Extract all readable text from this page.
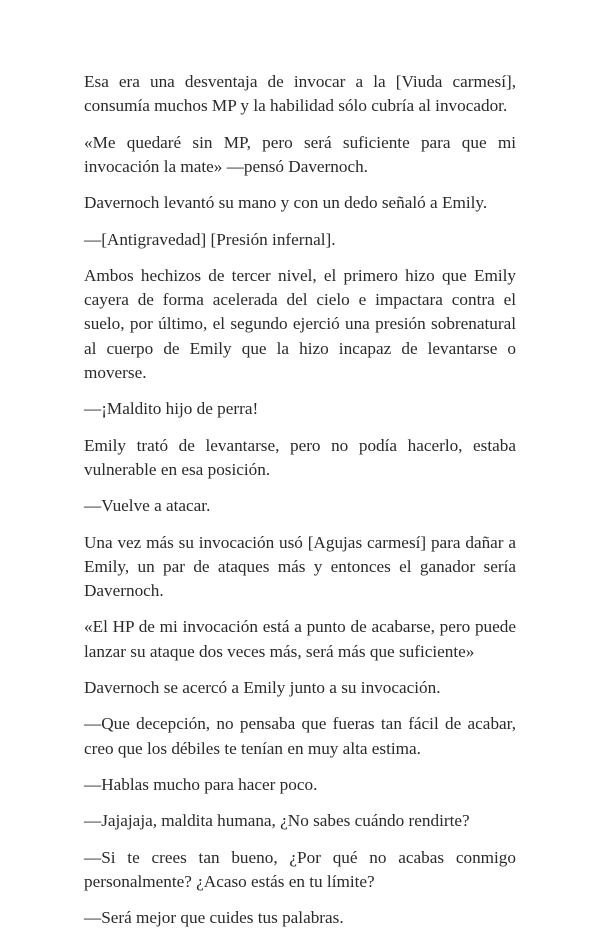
Esa era una desventaja de invocar a la [Viuda carmesí], consumía muchos MP y la habilidad sólo cubría al invocador.

«Me quedaré sin MP, pero será suficiente para que mi invocación la mate» —pensó Davernoch.

Davernoch levantó su mano y con un dedo señaló a Emily.

—[Antigravedad] [Presión infernal].

Ambos hechizos de tercer nivel, el primero hizo que Emily cayera de forma acelerada del cielo e impactara contra el suelo, por último, el segundo ejerció una presión sobrenatural al cuerpo de Emily que la hizo incapaz de levantarse o moverse.

—¡Maldito hijo de perra!

Emily trató de levantarse, pero no podía hacerlo, estaba vulnerable en esa posición.

—Vuelve a atacar.

Una vez más su invocación usó [Agujas carmesí] para dañar a Emily, un par de ataques más y entonces el ganador sería Davernoch.

«El HP de mi invocación está a punto de acabarse, pero puede lanzar su ataque dos veces más, será más que suficiente»

Davernoch se acercó a Emily junto a su invocación.

—Que decepción, no pensaba que fueras tan fácil de acabar, creo que los débiles te tenían en muy alta estima.

—Hablas mucho para hacer poco.

—Jajajaja, maldita humana, ¿No sabes cuándo rendirte?

—Si te crees tan bueno, ¿Por qué no acabas conmigo personalmente? ¿Acaso estás en tu límite?

—Será mejor que cuides tus palabras.
